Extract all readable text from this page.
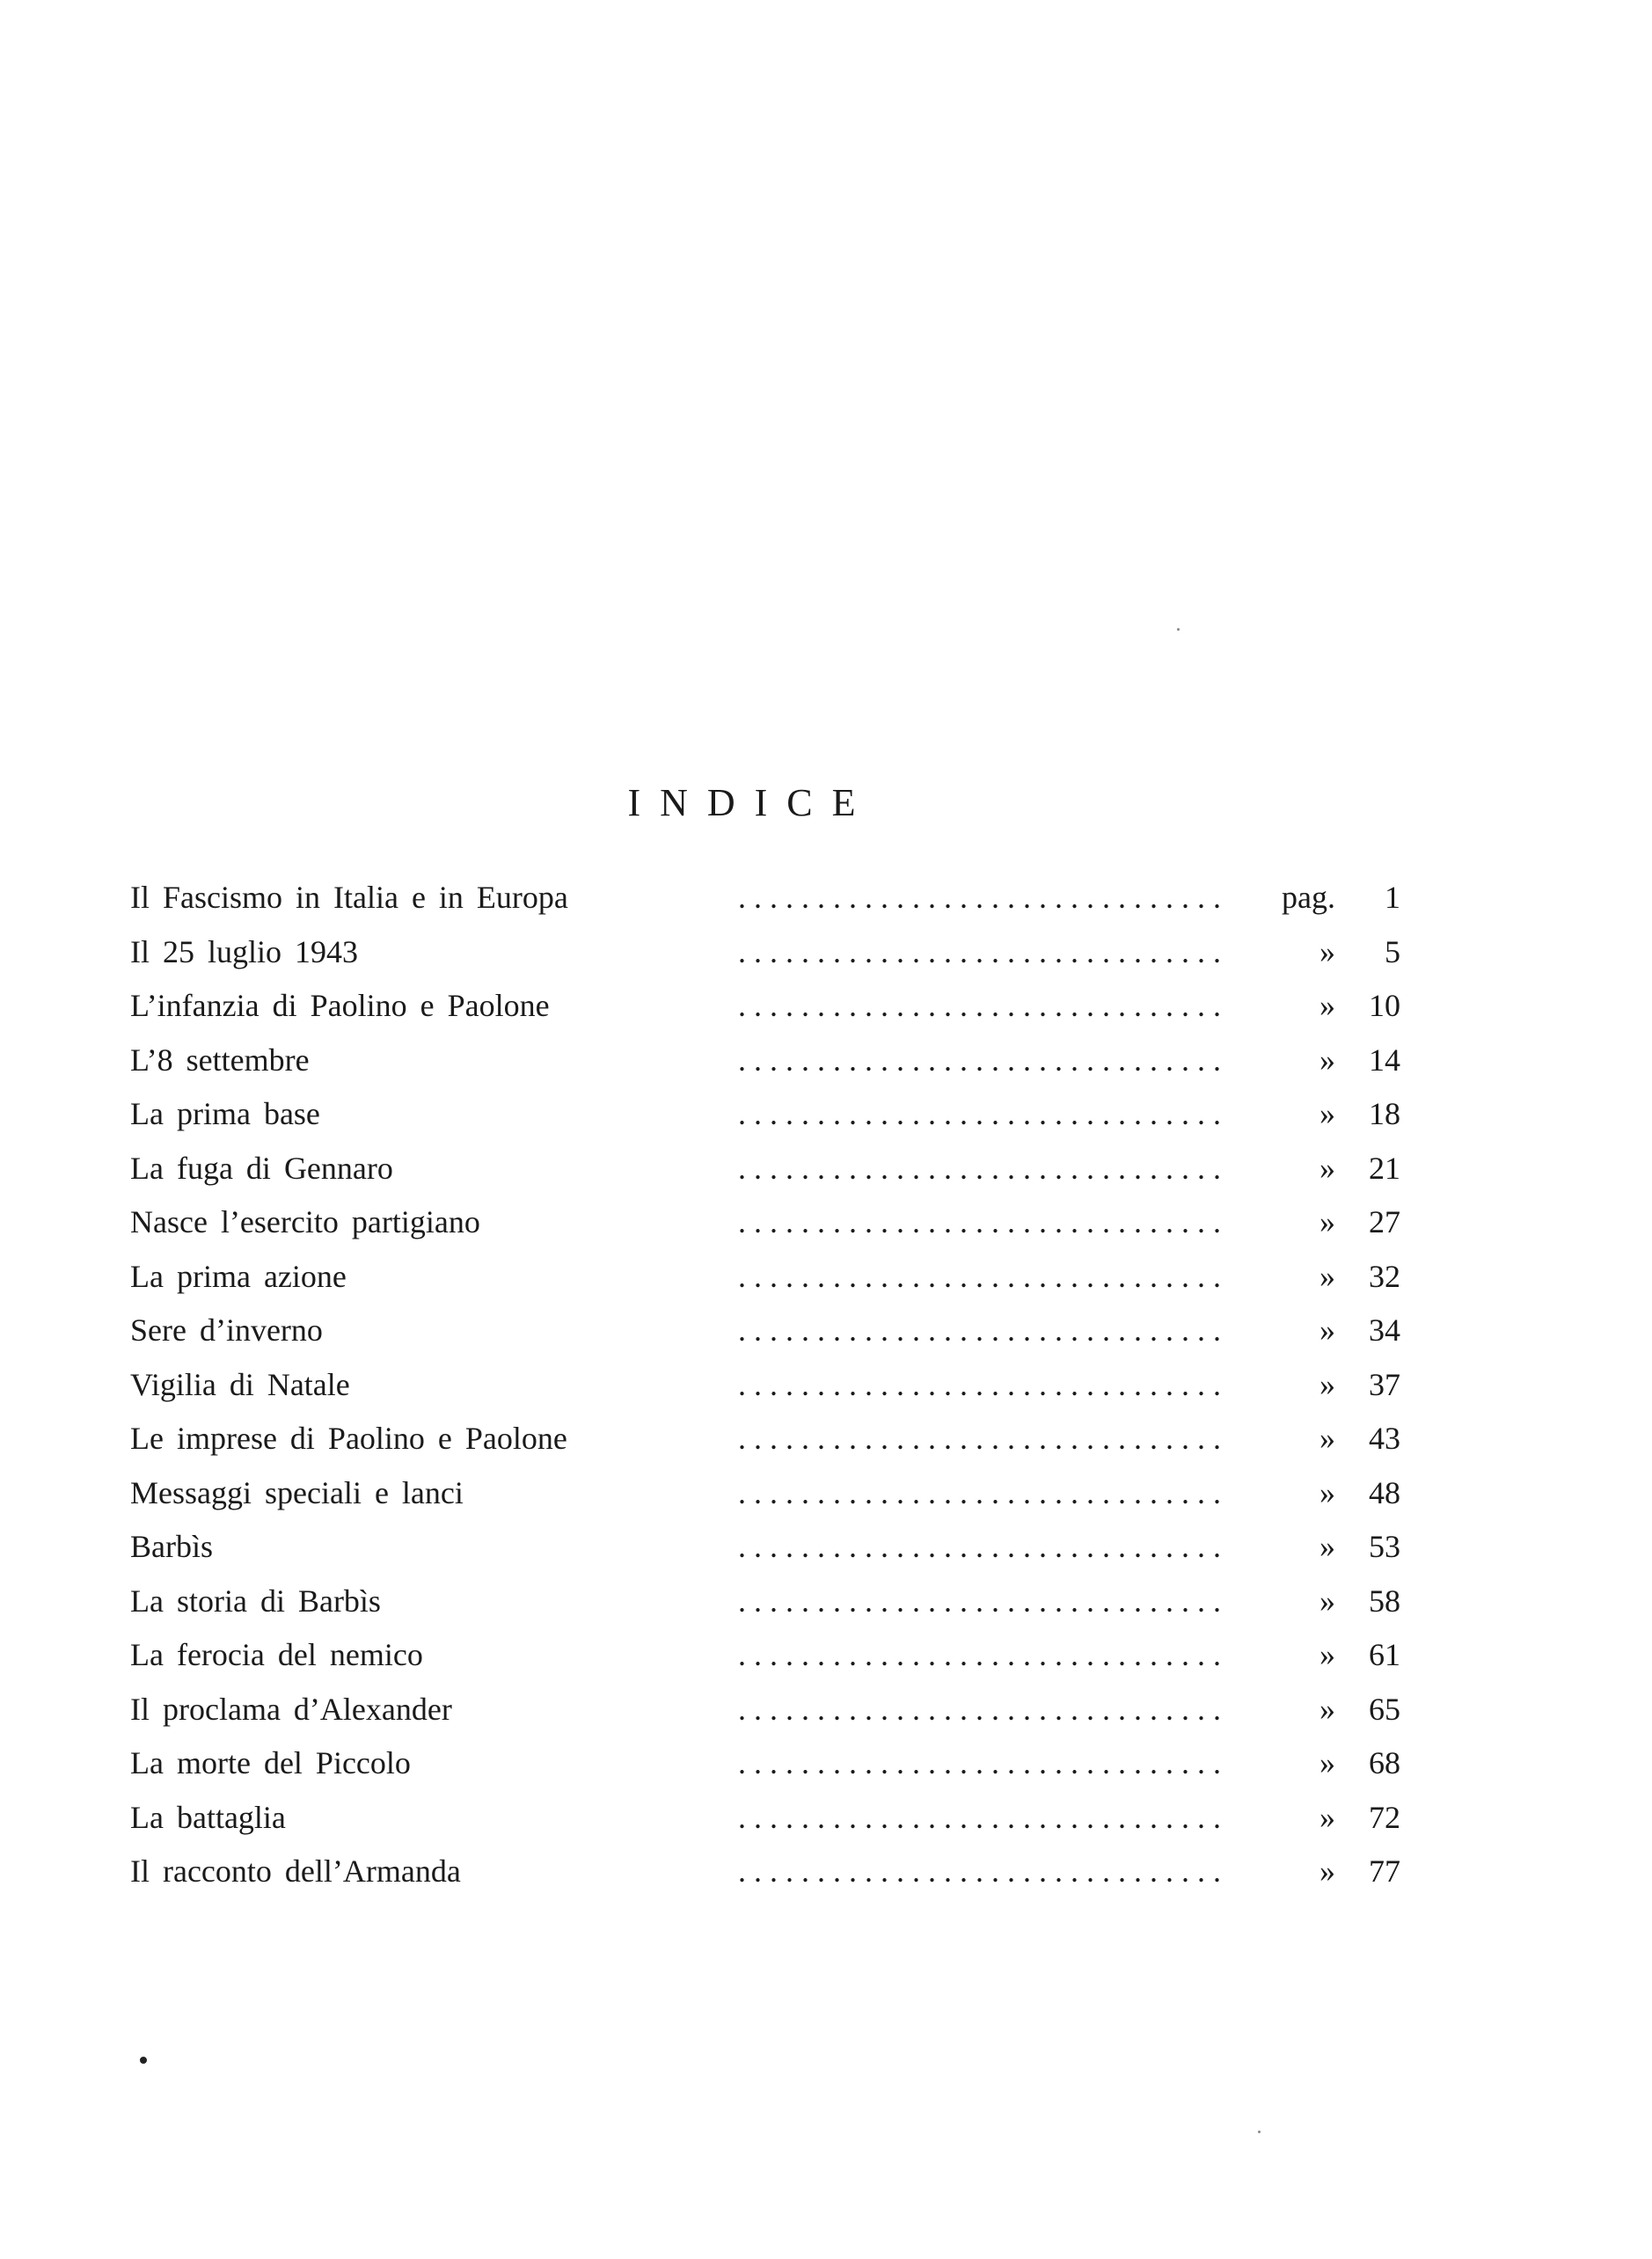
INDICE
. . . . . . . . . . . . . . . . . . . . . . . . . . . . . . .
Il Fascismo in Italia e in Europa	pag.	1
. . . . . . . . . . . . . . . . . . . . . . . . . . . . . . .
Il 25 luglio 1943	»	5
. . . . . . . . . . . . . . . . . . . . . . . . . . . . . . .
L’infanzia di Paolino e Paolone	»	10
. . . . . . . . . . . . . . . . . . . . . . . . . . . . . . .
L’8 settembre	»	14
. . . . . . . . . . . . . . . . . . . . . . . . . . . . . . .
La prima base	»	18
. . . . . . . . . . . . . . . . . . . . . . . . . . . . . . .
La fuga di Gennaro	»	21
. . . . . . . . . . . . . . . . . . . . . . . . . . . . . . .
Nasce l’esercito partigiano	»	27
. . . . . . . . . . . . . . . . . . . . . . . . . . . . . . .
La prima azione	»	32
. . . . . . . . . . . . . . . . . . . . . . . . . . . . . . .
Sere d’inverno	»	34
. . . . . . . . . . . . . . . . . . . . . . . . . . . . . . .
Vigilia di Natale	»	37
. . . . . . . . . . . . . . . . . . . . . . . . . . . . . . .
Le imprese di Paolino e Paolone	»	43
. . . . . . . . . . . . . . . . . . . . . . . . . . . . . . .
Messaggi speciali e lanci	»	48
. . . . . . . . . . . . . . . . . . . . . . . . . . . . . . .
Barbìs	»	53
. . . . . . . . . . . . . . . . . . . . . . . . . . . . . . .
La storia di Barbìs	»	58
. . . . . . . . . . . . . . . . . . . . . . . . . . . . . . .
La ferocia del nemico	»	61
. . . . . . . . . . . . . . . . . . . . . . . . . . . . . . .
Il proclama d’Alexander	»	65
. . . . . . . . . . . . . . . . . . . . . . . . . . . . . . .
La morte del Piccolo	»	68
. . . . . . . . . . . . . . . . . . . . . . . . . . . . . . .
La battaglia	»	72
. . . . . . . . . . . . . . . . . . . . . . . . . . . . . . .
Il racconto dell’Armanda	»	77
